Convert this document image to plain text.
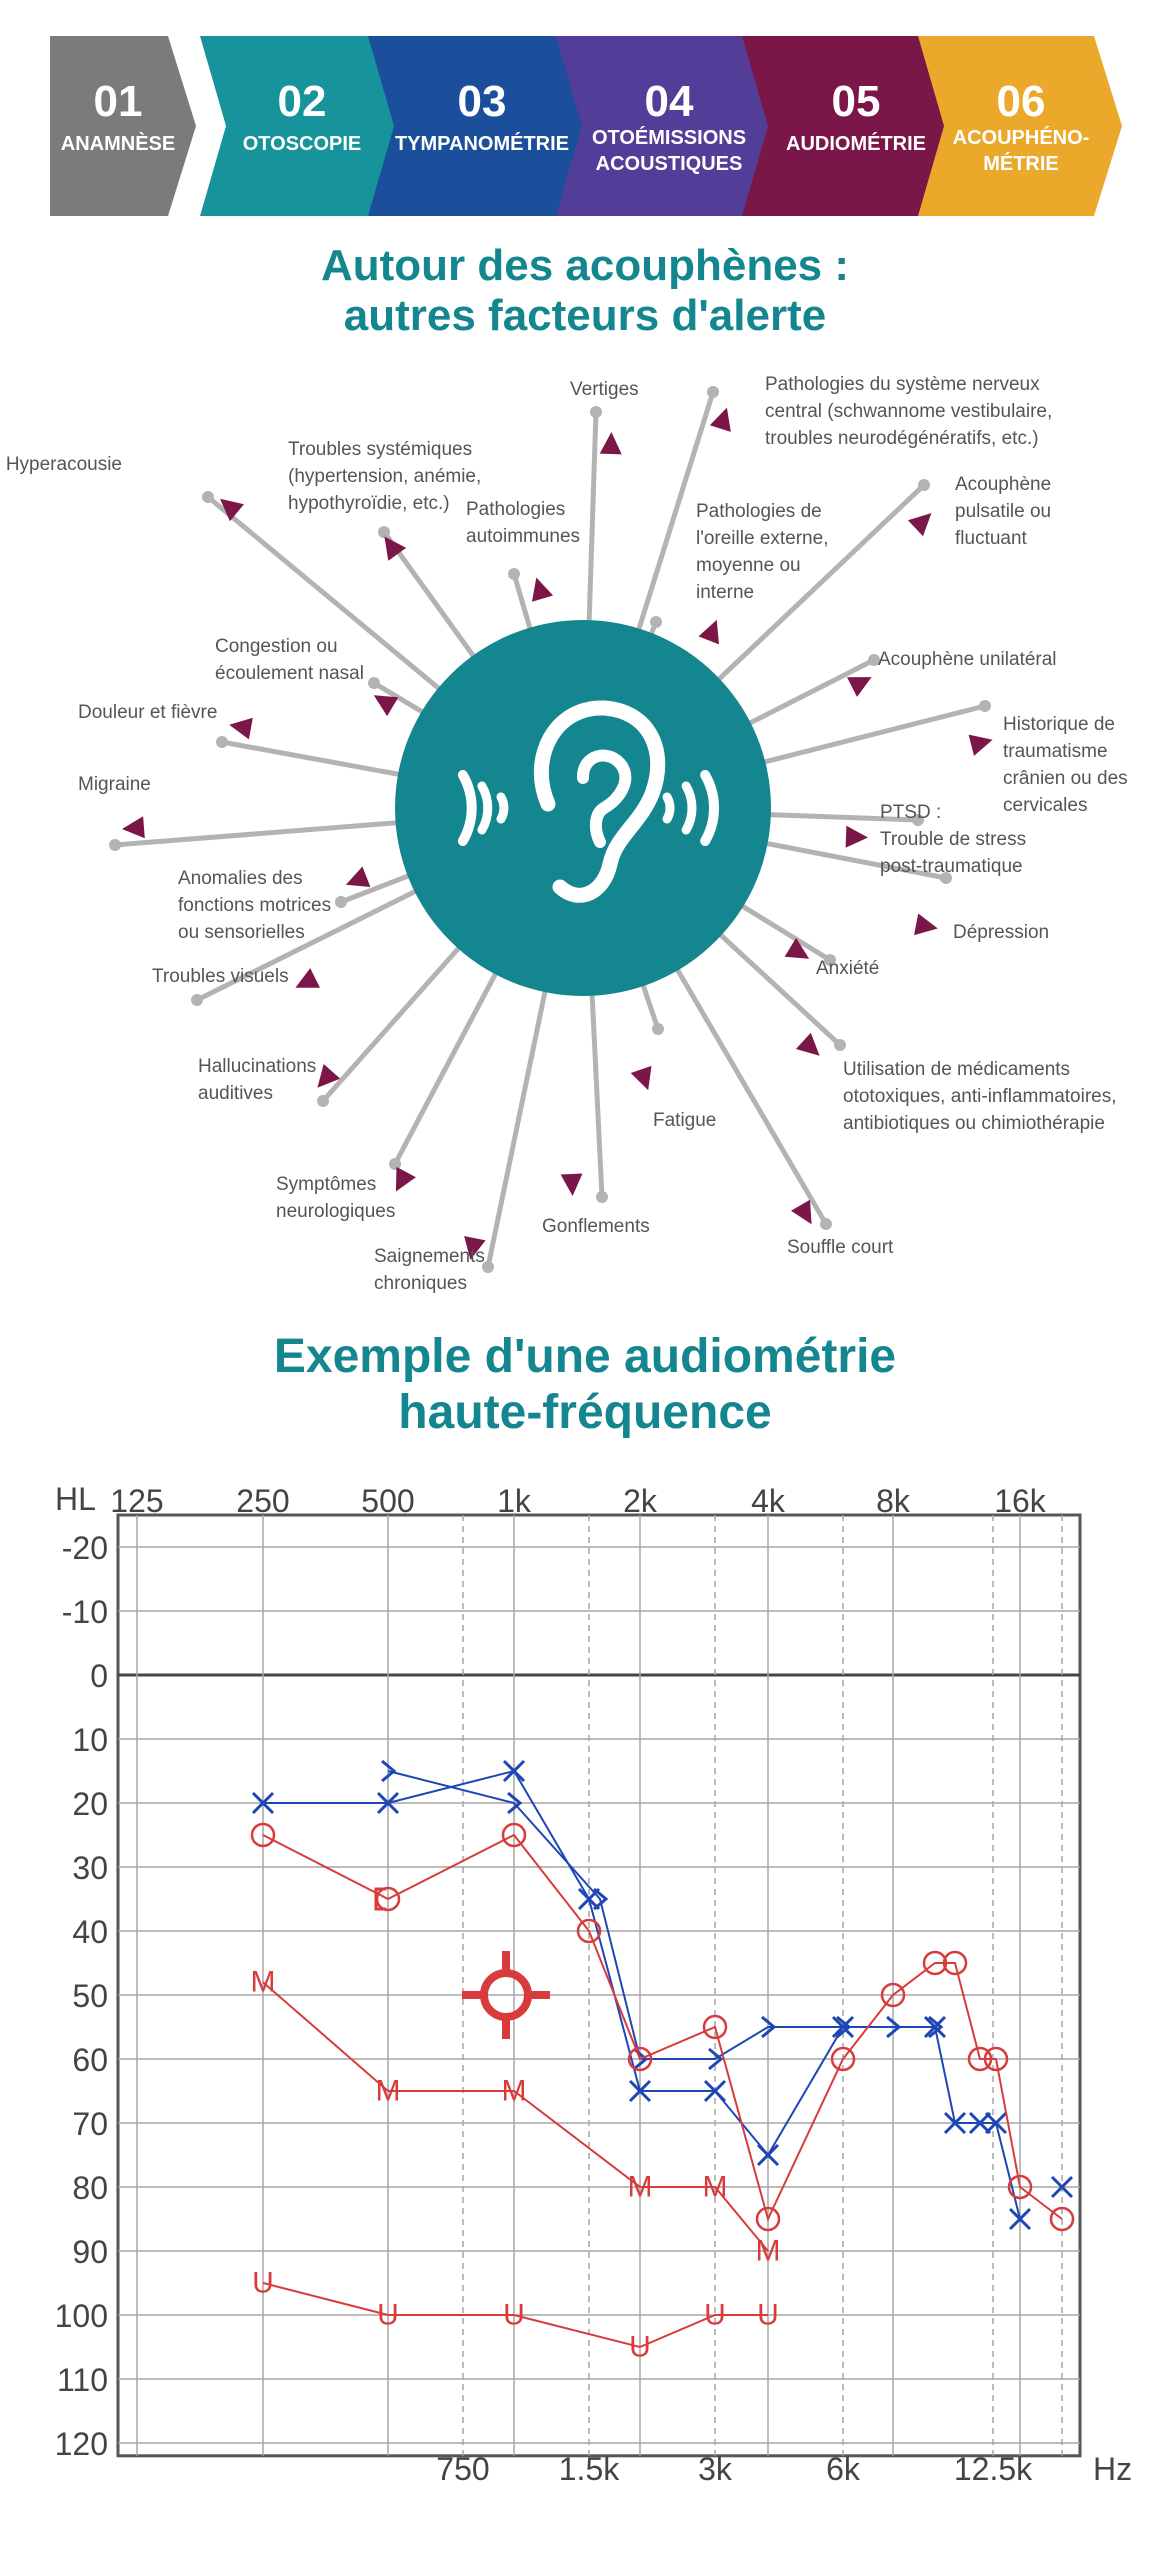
01
ANAMNÈSE
02
OTOSCOPIE
03
TYMPANOMÉTRIE
04
OTOÉMISSIONS
ACOUSTIQUES
05
AUDIOMÉTRIE
06
ACOUPHÉNO-
MÉTRIE
Autour des acouphènes :
autres facteurs d'alerte
Exemple d'une audiométrie
haute-fréquence
Hyperacousie
Troubles systémiques (hypertension, anémie, hypothyroïdie, etc.) Pathologies autoimmunes
Vertiges	Pathologies du système nerveux central (schwannome vestibulaire, troubles neurodégénératifs, etc.)
Pathologies de l'oreille externe, moyenne ou interne
Acouphène pulsatile ou fluctuant
Congestion ou écoulement nasal
Acouphène unilatéral
Douleur et fièvre
Historique de traumatisme crânien ou des cervicales
Migraine
PTSD : Trouble de stress post-traumatique
Anomalies des fonctions motrices ou sensorielles	Dépression
Troubles visuels	Anxiété
Hallucinations auditives
Utilisation de médicaments ototoxiques, anti-inflammatoires, antibiotiques ou chimiothérapie
Fatigue
Symptômes neurologiques
Gonflements
Souffle court
Saignements chroniques
HL
Hz
-20
-10
0
10
20
30
40
50
60
70
80
90
100
110
120
125 250 500	1k	2k	4k	8k	16k
750 1.5k 3k	6k	12.5k
M
M	M
M M
M
U
U	U
U
U U
